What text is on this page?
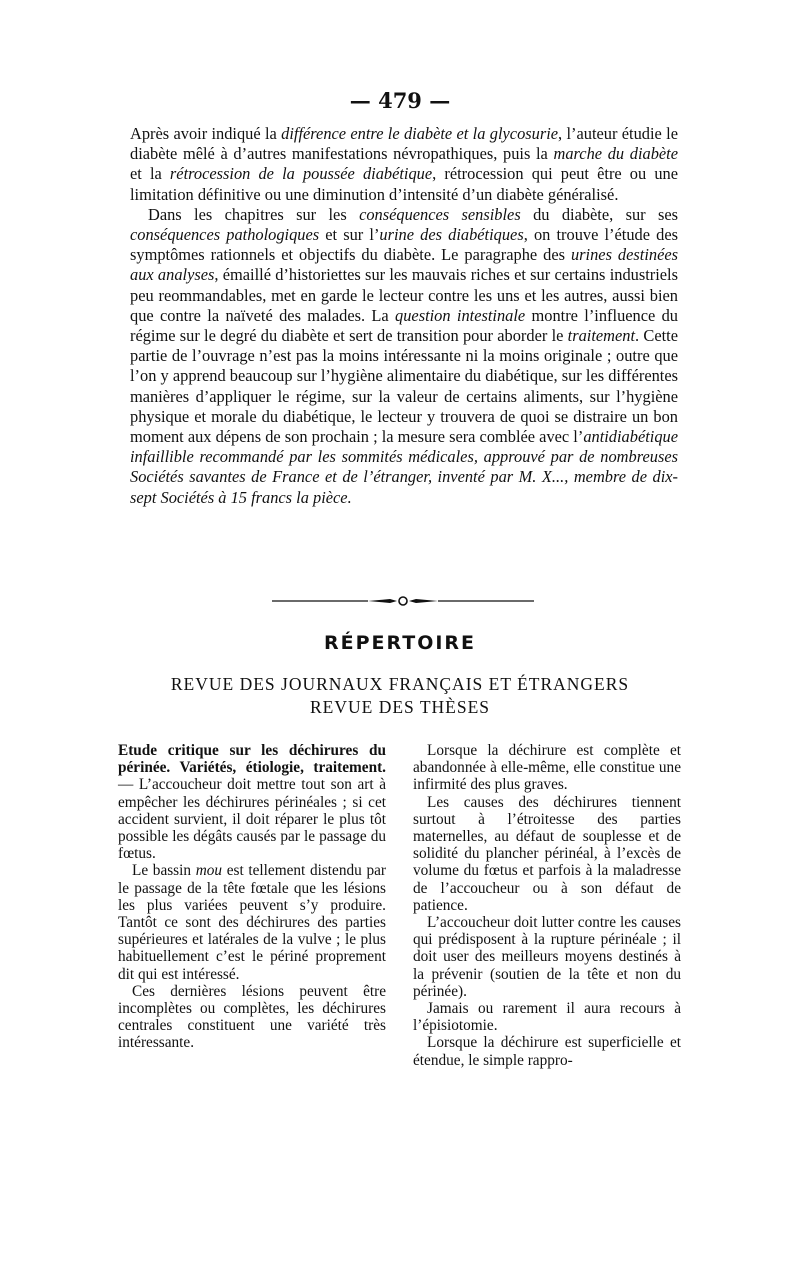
— 479 —

Après avoir indiqué la différence entre le diabète et la glycosurie, l’auteur étudie le diabète mêlé à d’autres manifestations névropathiques, puis la marche du diabète et la rétrocession de la poussée diabétique, rétrocession qui peut être ou une limitation définitive ou une diminution d’intensité d’un diabète généralisé.

Dans les chapitres sur les conséquences sensibles du diabète, sur ses conséquences pathologiques et sur l’urine des diabétiques, on trouve l’étude des symptômes rationnels et objectifs du diabète. Le paragraphe des urines destinées aux analyses, émaillé d’historiettes sur les mauvais riches et sur certains industriels peu reommandables, met en garde le lecteur contre les uns et les autres, aussi bien que contre la naïveté des malades. La question intestinale montre l’influence du régime sur le degré du diabète et sert de transition pour aborder le traitement. Cette partie de l’ouvrage n’est pas la moins intéressante ni la moins originale ; outre que l’on y apprend beaucoup sur l’hygiène alimentaire du diabétique, sur les différentes manières d’appliquer le régime, sur la valeur de certains aliments, sur l’hygiène physique et morale du diabétique, le lecteur y trouvera de quoi se distraire un bon moment aux dépens de son prochain ; la mesure sera comblée avec l’antidiabétique infaillible recommandé par les sommités médicales, approuvé par de nombreuses Sociétés savantes de France et de l’étranger, inventé par M. X..., membre de dix-sept Sociétés à 15 francs la pièce.

RÉPERTOIRE
REVUE DES JOURNAUX FRANÇAIS ET ÉTRANGERS
REVUE DES THÈSES

Etude critique sur les déchirures du périnée. Variétés, étiologie, traitement. — L’accoucheur doit mettre tout son art à empêcher les déchirures périnéales ; si cet accident survient, il doit réparer le plus tôt possible les dégâts causés par le passage du fœtus.

Le bassin mou est tellement distendu par le passage de la tête fœtale que les lésions les plus variées peuvent s’y produire. Tantôt ce sont des déchirures des parties supérieures et latérales de la vulve ; le plus habituellement c’est le périné proprement dit qui est intéressé.

Ces dernières lésions peuvent être incomplètes ou complètes, les déchirures centrales constituent une variété très intéressante.

Lorsque la déchirure est complète et abandonnée à elle-même, elle constitue une infirmité des plus graves.

Les causes des déchirures tiennent surtout à l’étroitesse des parties maternelles, au défaut de souplesse et de solidité du plancher périnéal, à l’excès de volume du fœtus et parfois à la maladresse de l’accoucheur ou à son défaut de patience.

L’accoucheur doit lutter contre les causes qui prédisposent à la rupture périnéale ; il doit user des meilleurs moyens destinés à la prévenir (soutien de la tête et non du périnée).

Jamais ou rarement il aura recours à l’épisiotomie.

Lorsque la déchirure est superficielle et étendue, le simple rappro-
